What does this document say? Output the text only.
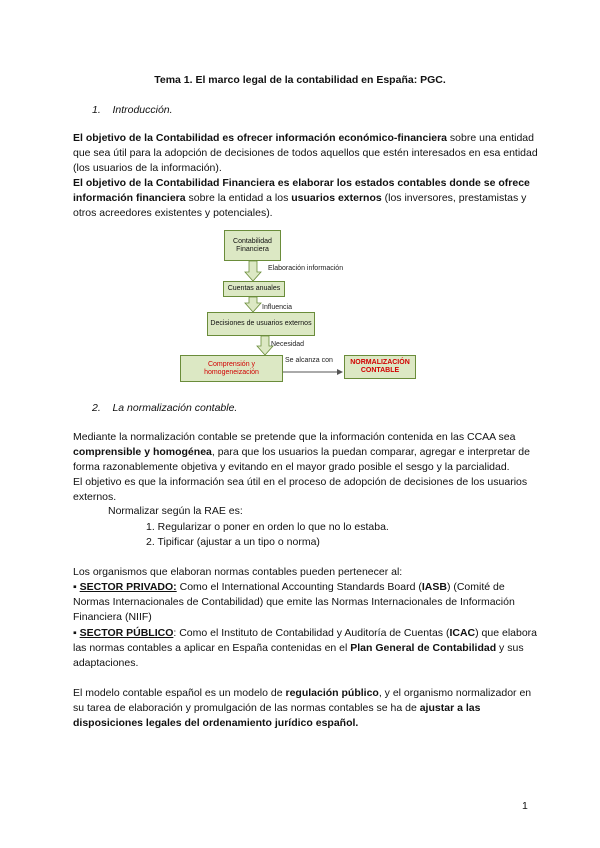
Tema 1. El marco legal de la contabilidad en España: PGC.
1. Introducción.
El objetivo de la Contabilidad es ofrecer información económico-financiera sobre una entidad que sea útil para la adopción de decisiones de todos aquellos que estén interesados en esa entidad (los usuarios de la información).
El objetivo de la Contabilidad Financiera es elaborar los estados contables donde se ofrece información financiera sobre la entidad a los usuarios externos (los inversores, prestamistas y otros acreedores existentes y potenciales).
Contabilidad Financiera
Elaboración información
Cuentas anuales
Influencia
Decisiones de usuarios externos
Necesidad
Comprensión y homogeneización
Se alcanza con	NORMALIZACIÓN CONTABLE
2. La normalización contable.
Mediante la normalización contable se pretende que la información contenida en las CCAA sea comprensible y homogénea, para que los usuarios la puedan comparar, agregar e interpretar de forma razonablemente objetiva y evitando en el mayor grado posible el sesgo y la parcialidad.
El objetivo es que la información sea útil en el proceso de adopción de decisiones de los usuarios externos.
Normalizar según la RAE es:
1. Regularizar o poner en orden lo que no lo estaba.
2. Tipificar (ajustar a un tipo o norma)
Los organismos que elaboran normas contables pueden pertenecer al:
▪ SECTOR PRIVADO: Como el International Accounting Standards Board (IASB) (Comité de Normas Internacionales de Contabilidad) que emite las Normas Internacionales de Información Financiera (NIIF)
▪ SECTOR PÚBLICO: Como el Instituto de Contabilidad y Auditoría de Cuentas (ICAC) que elabora las normas contables a aplicar en España contenidas en el Plan General de Contabilidad y sus adaptaciones.
El modelo contable español es un modelo de regulación público, y el organismo normalizador en su tarea de elaboración y promulgación de las normas contables se ha de ajustar a las disposiciones legales del ordenamiento jurídico español.
1
